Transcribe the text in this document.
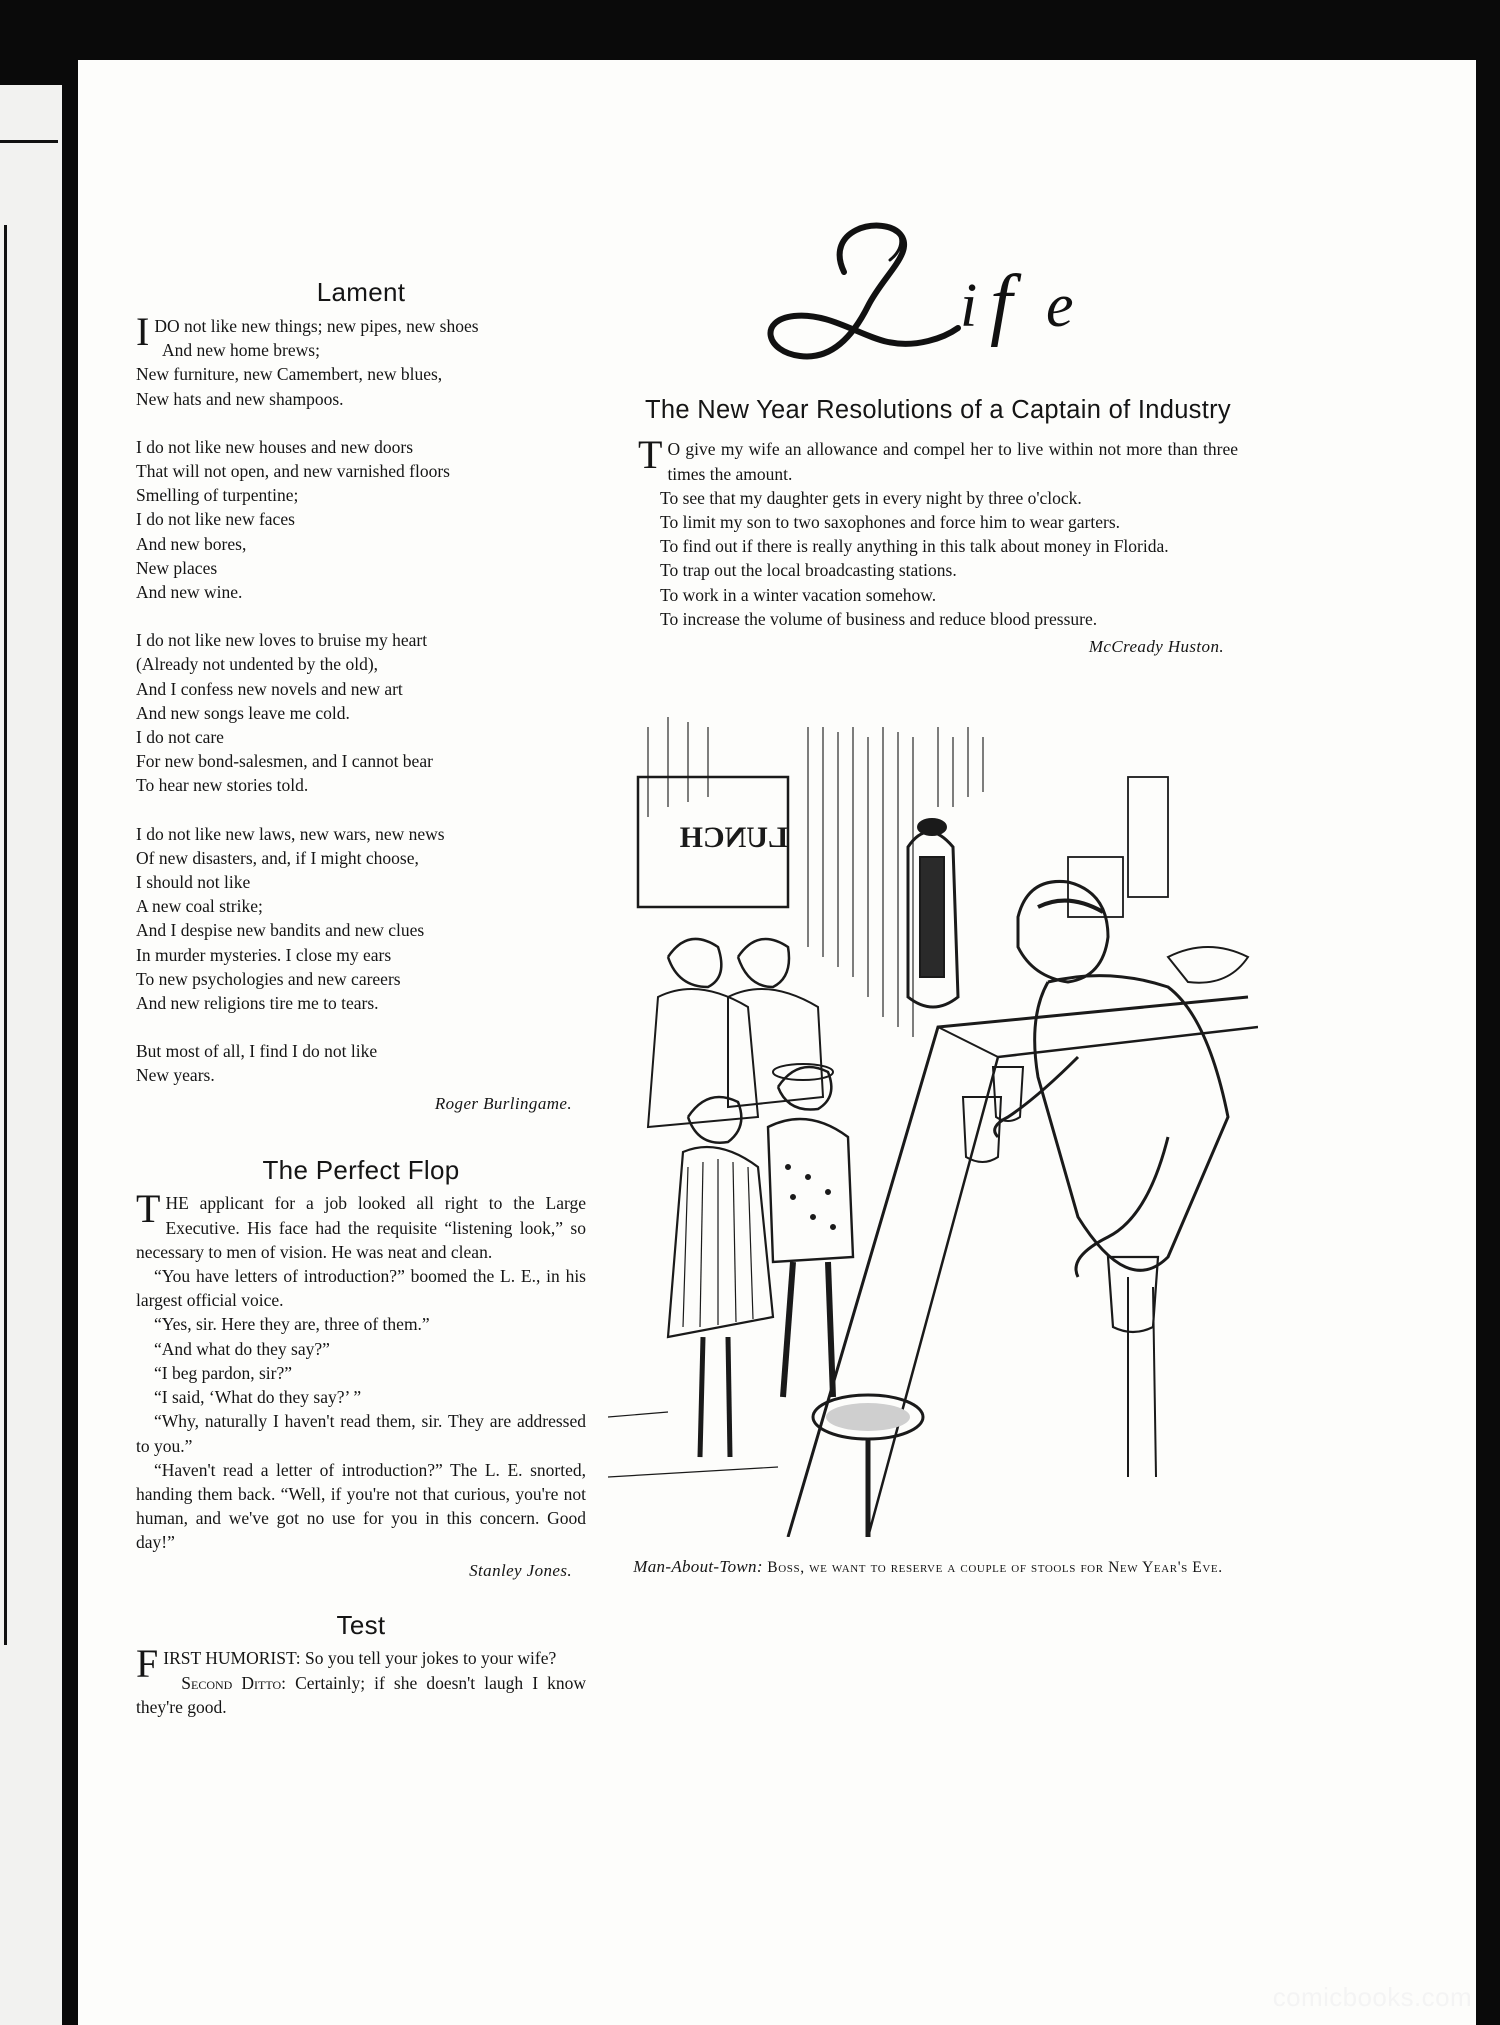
Lament
I DO not like new things; new pipes, new shoes
And new home brews;
New furniture, new Camembert, new blues,
New hats and new shampoos.
I do not like new houses and new doors
That will not open, and new varnished floors
Smelling of turpentine;
I do not like new faces
And new bores,
New places
And new wine.
I do not like new loves to bruise my heart
(Already not undented by the old),
And I confess new novels and new art
And new songs leave me cold.
I do not care
For new bond-salesmen, and I cannot bear
To hear new stories told.
I do not like new laws, new wars, new news
Of new disasters, and, if I might choose,
I should not like
A new coal strike;
And I despise new bandits and new clues
In murder mysteries. I close my ears
To new psychologies and new careers
And new religions tire me to tears.
But most of all, I find I do not like
New years.
Roger Burlingame.
The Perfect Flop

THE applicant for a job looked all right to the Large Executive. His face had the requisite “listening look,” so necessary to men of vision. He was neat and clean.

“You have letters of introduction?” boomed the L. E., in his largest official voice.

“Yes, sir. Here they are, three of them.”

“And what do they say?”

“I beg pardon, sir?”

“I said, ‘What do they say?’ ”

“Why, naturally I haven't read them, sir. They are addressed to you.”

“Haven't read a letter of introduction?” The L. E. snorted, handing them back. “Well, if you're not that curious, you're not human, and we've got no use for you in this concern. Good day!”

Stanley Jones.
Test

FIRST HUMORIST: So you tell your jokes to your wife?

Second Ditto: Certainly; if she doesn't laugh I know they're good.

i f e
Life
The New Year Resolutions of a Captain of Industry

T O give my wife an allowance and compel her to live within not more than three times the amount.

To see that my daughter gets in every night by three o'clock.

To limit my son to two saxophones and force him to wear garters.

To find out if there is really anything in this talk about money in Florida.

To trap out the local broadcasting stations.

To work in a winter vacation somehow.

To increase the volume of business and reduce blood pressure.

McCready Huston.
LUNCH
Man-About-Town: Boss, we want to reserve a couple of stools for New Year's Eve.
comicbooks.com
